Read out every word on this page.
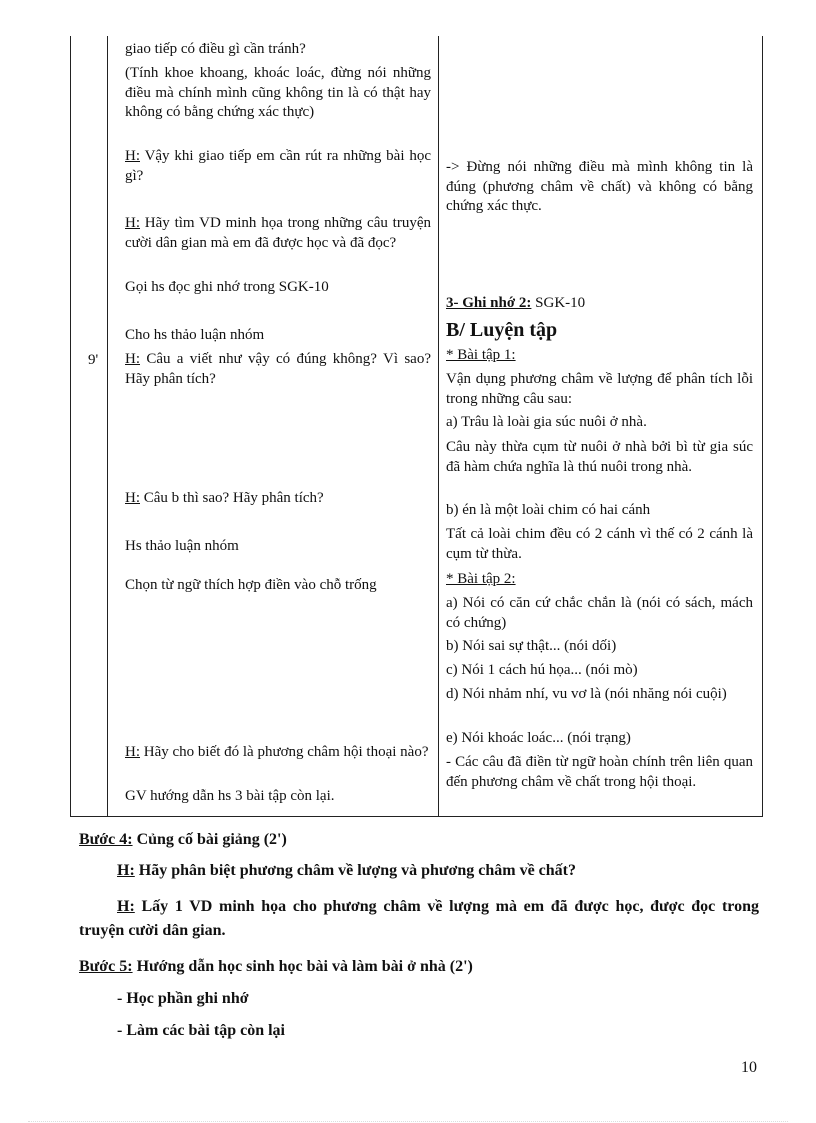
9'

giao tiếp có điều gì cần tránh?

(Tính khoe khoang, khoác loác, đừng nói những điều mà chính mình cũng không tin là có thật hay không có bằng chứng xác thực)

H: Vậy khi giao tiếp em cần rút ra những bài học gì?

H: Hãy tìm VD minh họa trong những câu truyện cười dân gian mà em đã được học và đã đọc?

Gọi hs đọc ghi nhớ trong SGK-10

Cho hs thảo luận nhóm

H: Câu a viết như vậy có đúng không? Vì sao? Hãy phân tích?

H: Câu b thì sao? Hãy phân tích?

Hs thảo luận nhóm

Chọn từ ngữ thích hợp điền vào chỗ trống

H: Hãy cho biết đó là phương châm hội thoại nào?

GV hướng dẫn hs 3 bài tập còn lại.

-> Đừng nói những điều mà mình không tin là đúng (phương châm về chất) và không có bằng chứng xác thực.

3- Ghi nhớ 2: SGK-10

B/ Luyện tập

* Bài tập 1:

Vận dụng phương châm về lượng để phân tích lỗi trong những câu sau:

a) Trâu là loài gia súc nuôi ở nhà.

Câu này thừa cụm từ nuôi ở nhà bởi bì từ gia súc đã hàm chứa nghĩa là thú nuôi trong nhà.

b) én là một loài chim có hai cánh

Tất cả loài chim đều có 2 cánh vì thế có 2 cánh là cụm từ thừa.

* Bài tập 2:

a) Nói có căn cứ chắc chắn là (nói có sách, mách có chứng)

b) Nói sai sự thật... (nói dối)

c) Nói 1 cách hú họa... (nói mò)

d) Nói nhảm nhí, vu vơ là (nói nhăng nói cuội)

e) Nói khoác loác... (nói trạng)

- Các câu đã điền từ ngữ hoàn chính trên liên quan đến phương châm về chất trong hội thoại.

Bước 4: Củng cố bài giảng (2')

H: Hãy phân biệt phương châm về lượng và phương châm về chất?

H: Lấy 1 VD minh họa cho phương châm về lượng mà em đã được học, được đọc trong truyện cười dân gian.

Bước 5: Hướng dẫn học sinh học bài và làm bài ở nhà (2')

- Học phần ghi nhớ

- Làm các bài tập còn lại

10
